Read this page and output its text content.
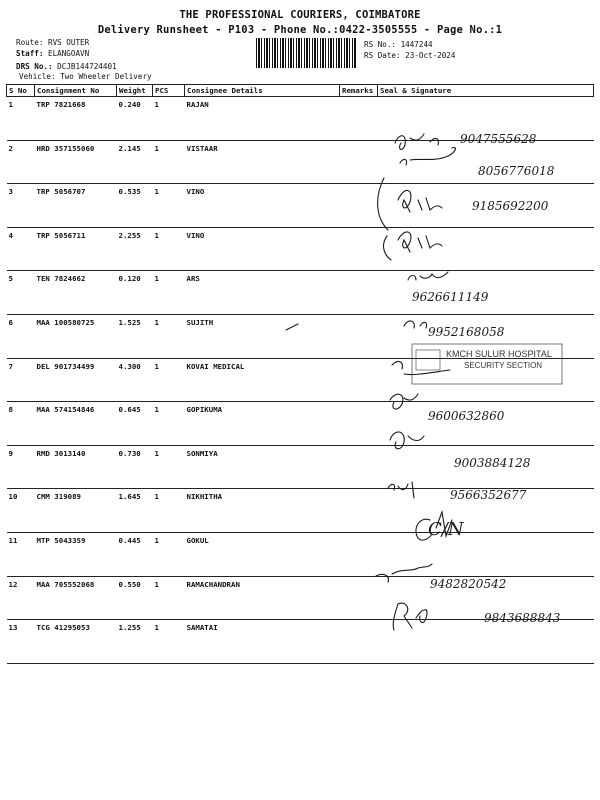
THE PROFESSIONAL COURIERS, COIMBATORE
Delivery Runsheet - P103 - Phone No.:0422-3505555 - Page No.:1
Route: RVS OUTER
Staff: ELANGOAVN
DRS No.: DCJB144724401
Vehicle: Two Wheeler Delivery
RS No.: 1447244
RS Date: 23-Oct-2024
S No	Consignment No	Weight	PCS	Consignee Details	Remarks	Seal & Signature
1	TRP 7821668	0.240	1	RAJAN		
2	HRD 357155060	2.145	1	VISTAAR		
3	TRP 5056707	0.535	1	VINO		
4	TRP 5056711	2.255	1	VINO		
5	TEN 7824662	0.120	1	ARS		
6	MAA 100580725	1.525	1	SUJITH		
7	DEL 901734499	4.300	1	KOVAI MEDICAL		
8	MAA 574154846	0.645	1	GOPIKUMA		
9	RMD 3013140	0.730	1	SONMIYA		
10	CMM 319089	1.645	1	NIKHITHA		
11	MTP 5043359	0.445	1	GOKUL		
12	MAA 705552068	0.550	1	RAMACHANDRAN		
13	TCG 41295053	1.255	1	SAMATAI		
9047555628
8056776018
9185692200
9626611149
9952168058
9600632860
9003884128
9566352677
C/N
9482820542
9843688843
KMCH SULUR HOSPITAL
SECURITY SECTION
